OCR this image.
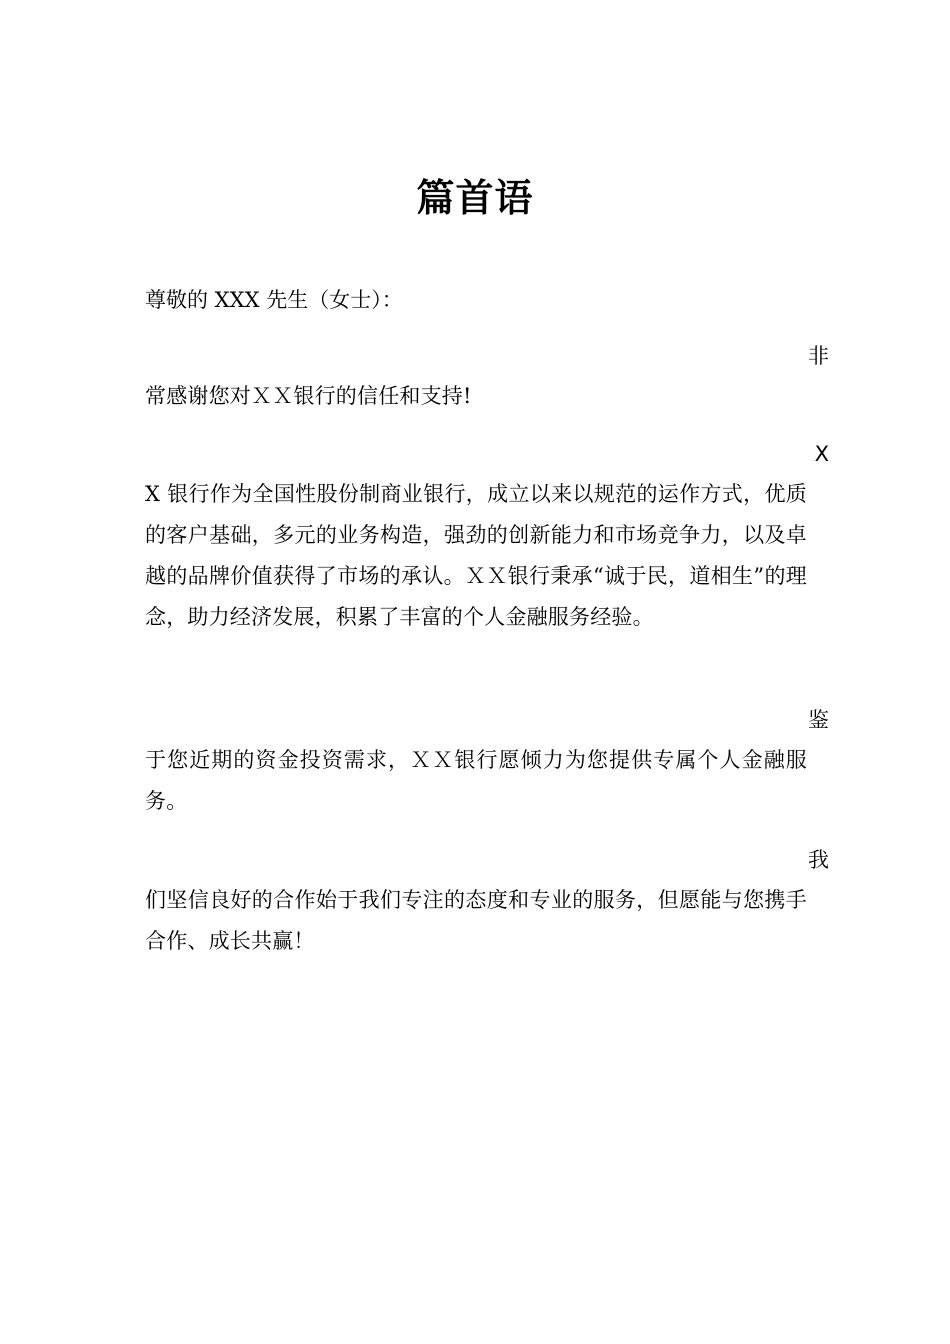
篇首语
尊敬的 XXX 先生（女士）：
非
常感谢您对ＸＸ银行的信任和支持!
X
X 银行作为全国性股份制商业银行，成立以来以规范的运作方式，优质的客户基础，多元的业务构造，强劲的创新能力和市场竞争力，以及卓越的品牌价值获得了市场的承认。ＸＸ银行秉承“诚于民，道相生”的理念，助力经济发展，积累了丰富的个人金融服务经验。
鉴
于您近期的资金投资需求，ＸＸ银行愿倾力为您提供专属个人金融服务。
我
们坚信良好的合作始于我们专注的态度和专业的服务，但愿能与您携手合作、成长共赢！
